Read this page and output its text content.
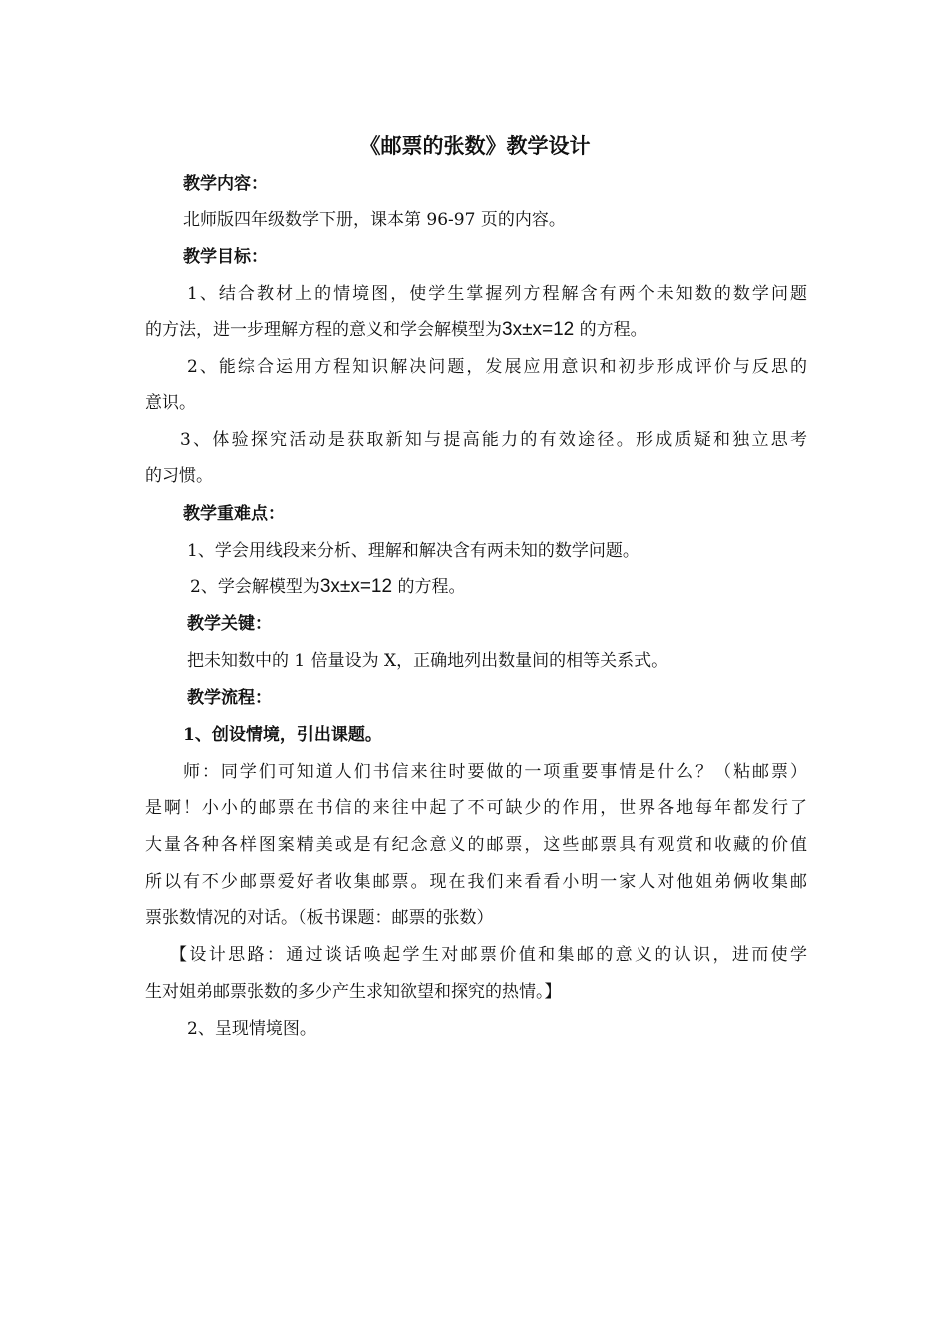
《邮票的张数》教学设计
教学内容：
北师版四年级数学下册，课本第 96-97 页的内容。
教学目标：
1、结合教材上的情境图，使学生掌握列方程解含有两个未知数的数学问题
的方法，进一步理解方程的意义和学会解模型为3x±x=12 的方程。
2、能综合运用方程知识解决问题，发展应用意识和初步形成评价与反思的
意识。
3、体验探究活动是获取新知与提高能力的有效途径。形成质疑和独立思考
的习惯。
教学重难点：
1、学会用线段来分析、理解和解决含有两未知的数学问题。
2、学会解模型为3x±x=12 的方程。
教学关键：
把未知数中的 1 倍量设为 X，正确地列出数量间的相等关系式。
教学流程：
1、创设情境，引出课题。
师：同学们可知道人们书信来往时要做的一项重要事情是什么？（粘邮票）
是啊！小小的邮票在书信的来往中起了不可缺少的作用，世界各地每年都发行了
大量各种各样图案精美或是有纪念意义的邮票，这些邮票具有观赏和收藏的价值
所以有不少邮票爱好者收集邮票。现在我们来看看小明一家人对他姐弟俩收集邮
票张数情况的对话。（板书课题：邮票的张数）
【设计思路：通过谈话唤起学生对邮票价值和集邮的意义的认识，进而使学
生对姐弟邮票张数的多少产生求知欲望和探究的热情。】
2、呈现情境图。
